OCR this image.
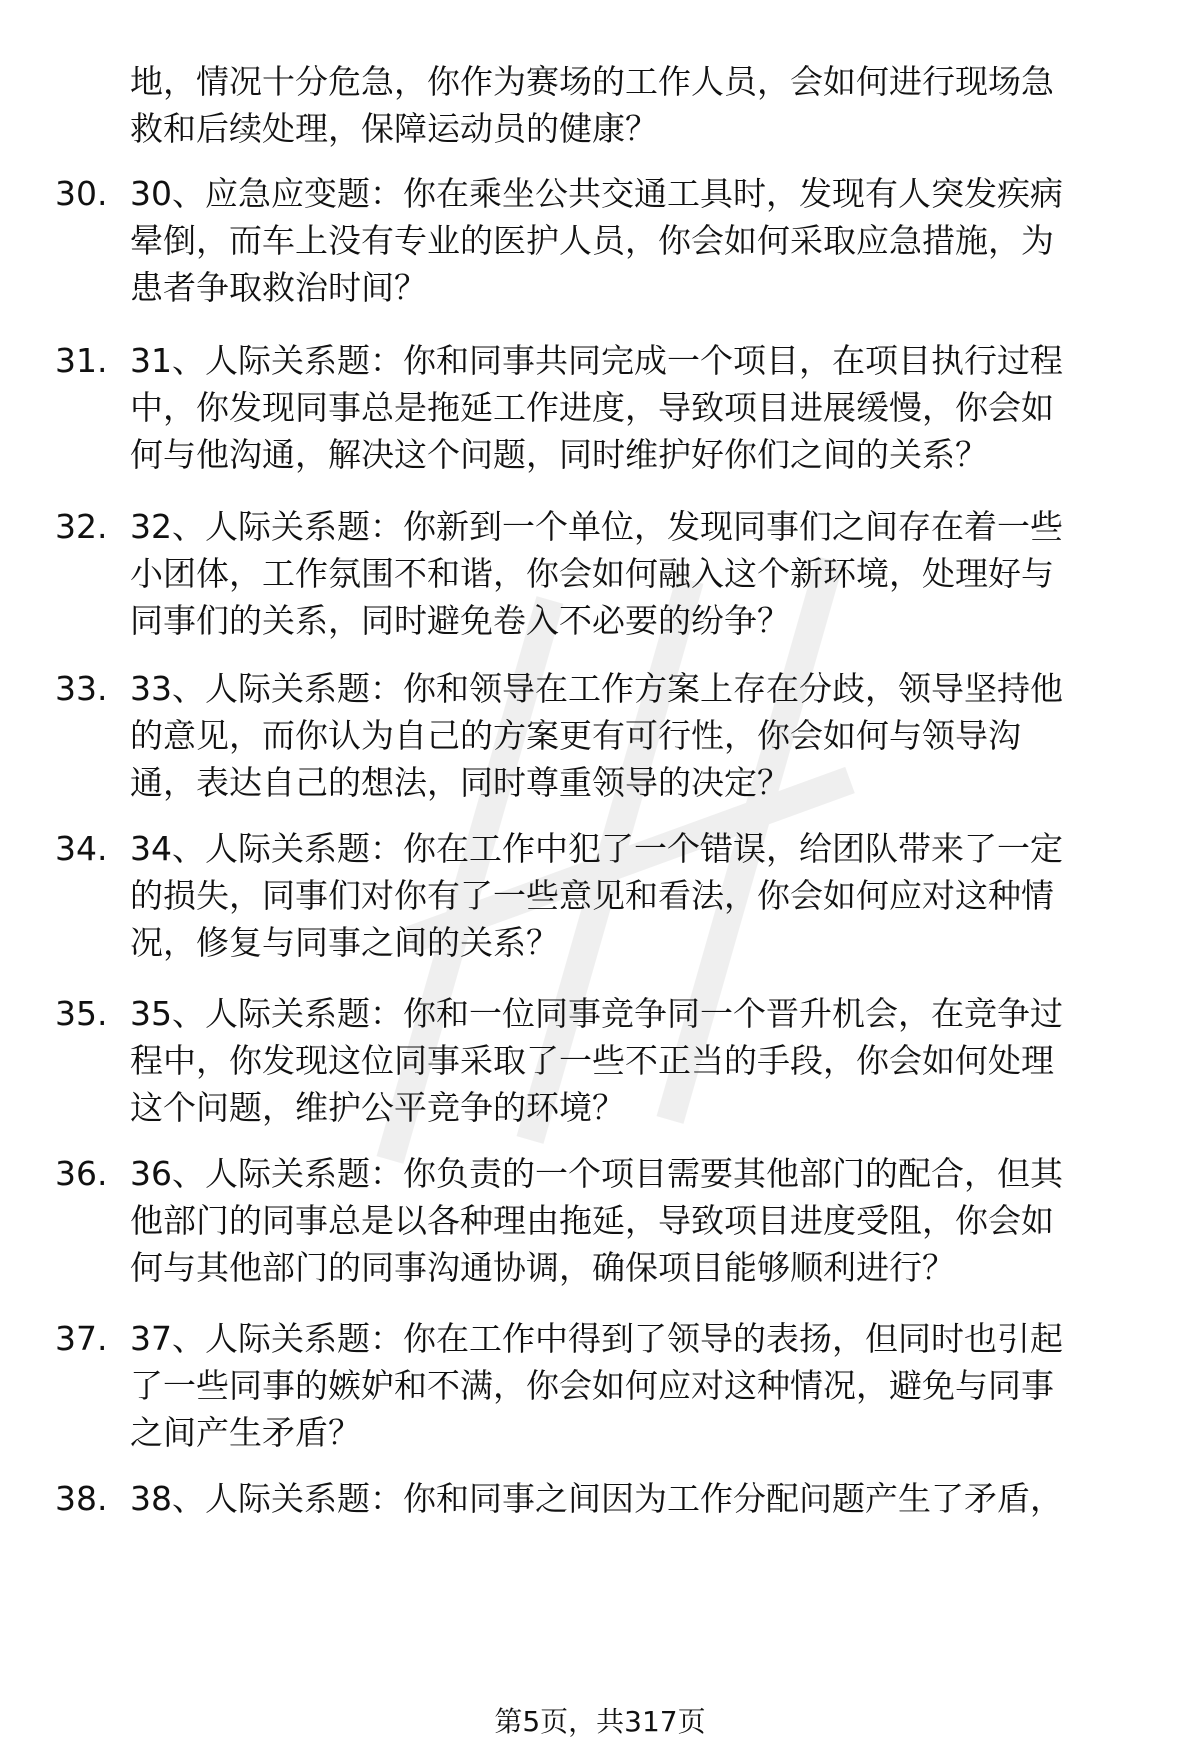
地，情况十分危急，你作为赛场的工作人员，会如何进行现场急
救和后续处理，保障运动员的健康？
30. 30、应急应变题：你在乘坐公共交通工具时，发现有人突发疾病
晕倒，而车上没有专业的医护人员，你会如何采取应急措施，为
患者争取救治时间？
31. 31、人际关系题：你和同事共同完成一个项目，在项目执行过程
中，你发现同事总是拖延工作进度，导致项目进展缓慢，你会如
何与他沟通，解决这个问题，同时维护好你们之间的关系？
32. 32、人际关系题：你新到一个单位，发现同事们之间存在着一些
小团体，工作氛围不和谐，你会如何融入这个新环境，处理好与
同事们的关系，同时避免卷入不必要的纷争？
33. 33、人际关系题：你和领导在工作方案上存在分歧，领导坚持他
的意见，而你认为自己的方案更有可行性，你会如何与领导沟
通，表达自己的想法，同时尊重领导的决定？
34. 34、人际关系题：你在工作中犯了一个错误，给团队带来了一定
的损失，同事们对你有了一些意见和看法，你会如何应对这种情
况，修复与同事之间的关系？
35. 35、人际关系题：你和一位同事竞争同一个晋升机会，在竞争过
程中，你发现这位同事采取了一些不正当的手段，你会如何处理
这个问题，维护公平竞争的环境？
36. 36、人际关系题：你负责的一个项目需要其他部门的配合，但其
他部门的同事总是以各种理由拖延，导致项目进度受阻，你会如
何与其他部门的同事沟通协调，确保项目能够顺利进行？
37. 37、人际关系题：你在工作中得到了领导的表扬，但同时也引起
了一些同事的嫉妒和不满，你会如何应对这种情况，避免与同事
之间产生矛盾？
38. 38、人际关系题：你和同事之间因为工作分配问题产生了矛盾，
第5页，共317页
